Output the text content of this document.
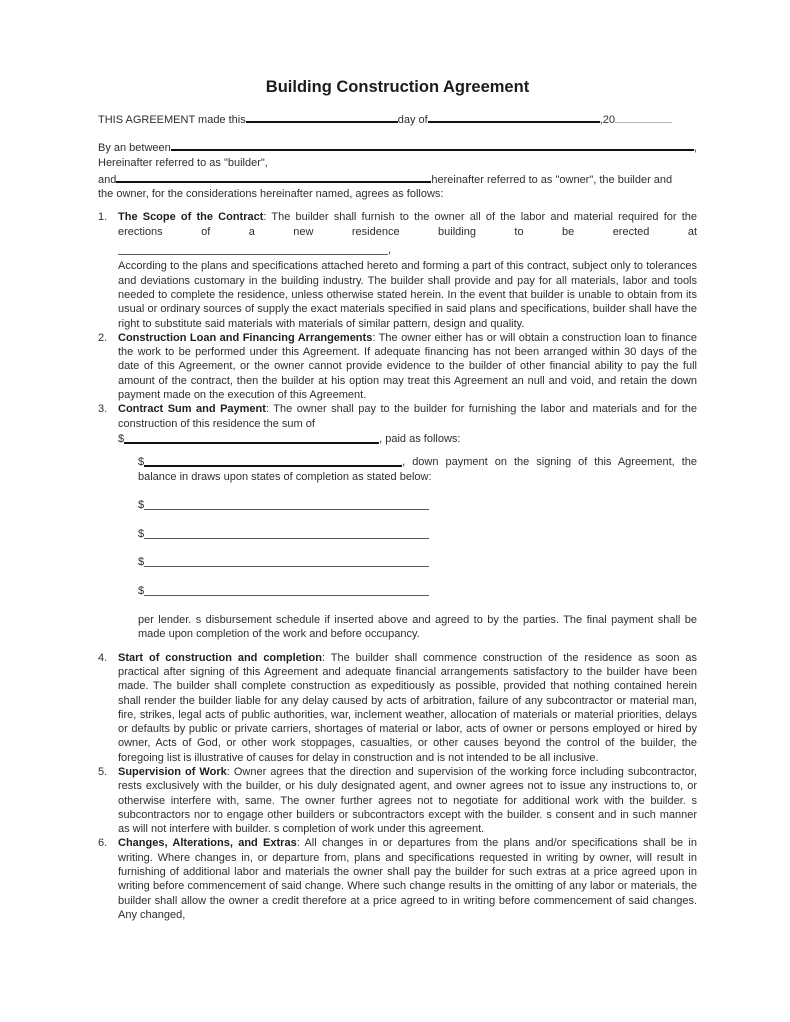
Building Construction Agreement
THIS AGREEMENT made this	day of	,20
By an between	,
Hereinafter referred to as "builder",
and	hereinafter referred to as "owner", the builder and
the owner, for the considerations hereinafter named, agrees as follows:
1. The Scope of the Contract: The builder shall furnish to the owner all of the labor and material required for the erections of a new residence building to be erected at

,

According to the plans and specifications attached hereto and forming a part of this contract, subject only to tolerances and deviations customary in the building industry. The builder shall provide and pay for all materials, labor and tools needed to complete the residence, unless otherwise stated herein. In the event that builder is unable to obtain from its usual or ordinary sources of supply the exact materials specified in said plans and specifications, builder shall have the right to substitute said materials with materials of similar pattern, design and quality.

2. Construction Loan and Financing Arrangements: The owner either has or will obtain a construction loan to finance the work to be performed under this Agreement. If adequate financing has not been arranged within 30 days of the date of this Agreement, or the owner cannot provide evidence to the builder of other financial ability to pay the full amount of the contract, then the builder at his option may treat this Agreement an null and void, and retain the down payment made on the execution of this Agreement.

3. Contract Sum and Payment: The owner shall pay to the builder for furnishing the labor and materials and for the construction of this residence the sum of

$	, paid as follows:
$	, down payment on the signing of this Agreement, the balance in draws upon states of completion as stated below:
$
$
$
$

per lender. s disbursement schedule if inserted above and agreed to by the parties. The final payment shall be made upon completion of the work and before occupancy.

4. Start of construction and completion: The builder shall commence construction of the residence as soon as practical after signing of this Agreement and adequate financial arrangements satisfactory to the builder have been made. The builder shall complete construction as expeditiously as possible, provided that nothing contained herein shall render the builder liable for any delay caused by acts of arbitration, failure of any subcontractor or material man, fire, strikes, legal acts of public authorities, war, inclement weather, allocation of materials or material priorities, delays or defaults by public or private carriers, shortages of material or labor, acts of owner or persons employed or hired by owner, Acts of God, or other work stoppages, casualties, or other causes beyond the control of the builder, the foregoing list is illustrative of causes for delay in construction and is not intended to be all inclusive.

5. Supervision of Work: Owner agrees that the direction and supervision of the working force including subcontractor, rests exclusively with the builder, or his duly designated agent, and owner agrees not to issue any instructions to, or otherwise interfere with, same. The owner further agrees not to negotiate for additional work with the builder. s subcontractors nor to engage other builders or subcontractors except with the builder. s consent and in such manner as will not interfere with builder. s completion of work under this agreement.

6. Changes, Alterations, and Extras: All changes in or departures from the plans and/or specifications shall be in writing. Where changes in, or departure from, plans and specifications requested in writing by owner, will result in furnishing of additional labor and materials the owner shall pay the builder for such extras at a price agreed upon in writing before commencement of said change. Where such change results in the omitting of any labor or materials, the builder shall allow the owner a credit therefore at a price agreed to in writing before commencement of said changes. Any changed,
